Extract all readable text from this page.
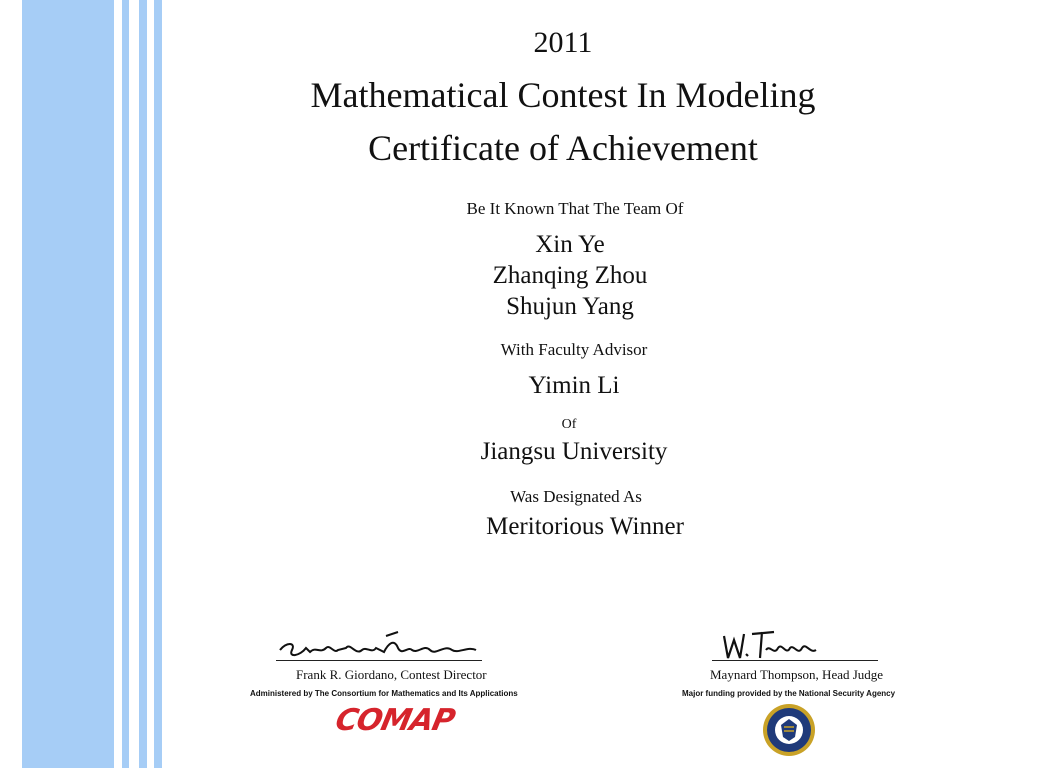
2011
Mathematical Contest In Modeling
Certificate of Achievement
Be It Known That The Team Of
Xin Ye
Zhanqing Zhou
Shujun Yang
With Faculty Advisor
Yimin Li
Of
Jiangsu University
Was Designated As
Meritorious Winner
Frank R. Giordano, Contest Director
Administered by The Consortium for Mathematics and Its Applications
COMAP
Maynard Thompson, Head Judge
Major funding provided by the National Security Agency
